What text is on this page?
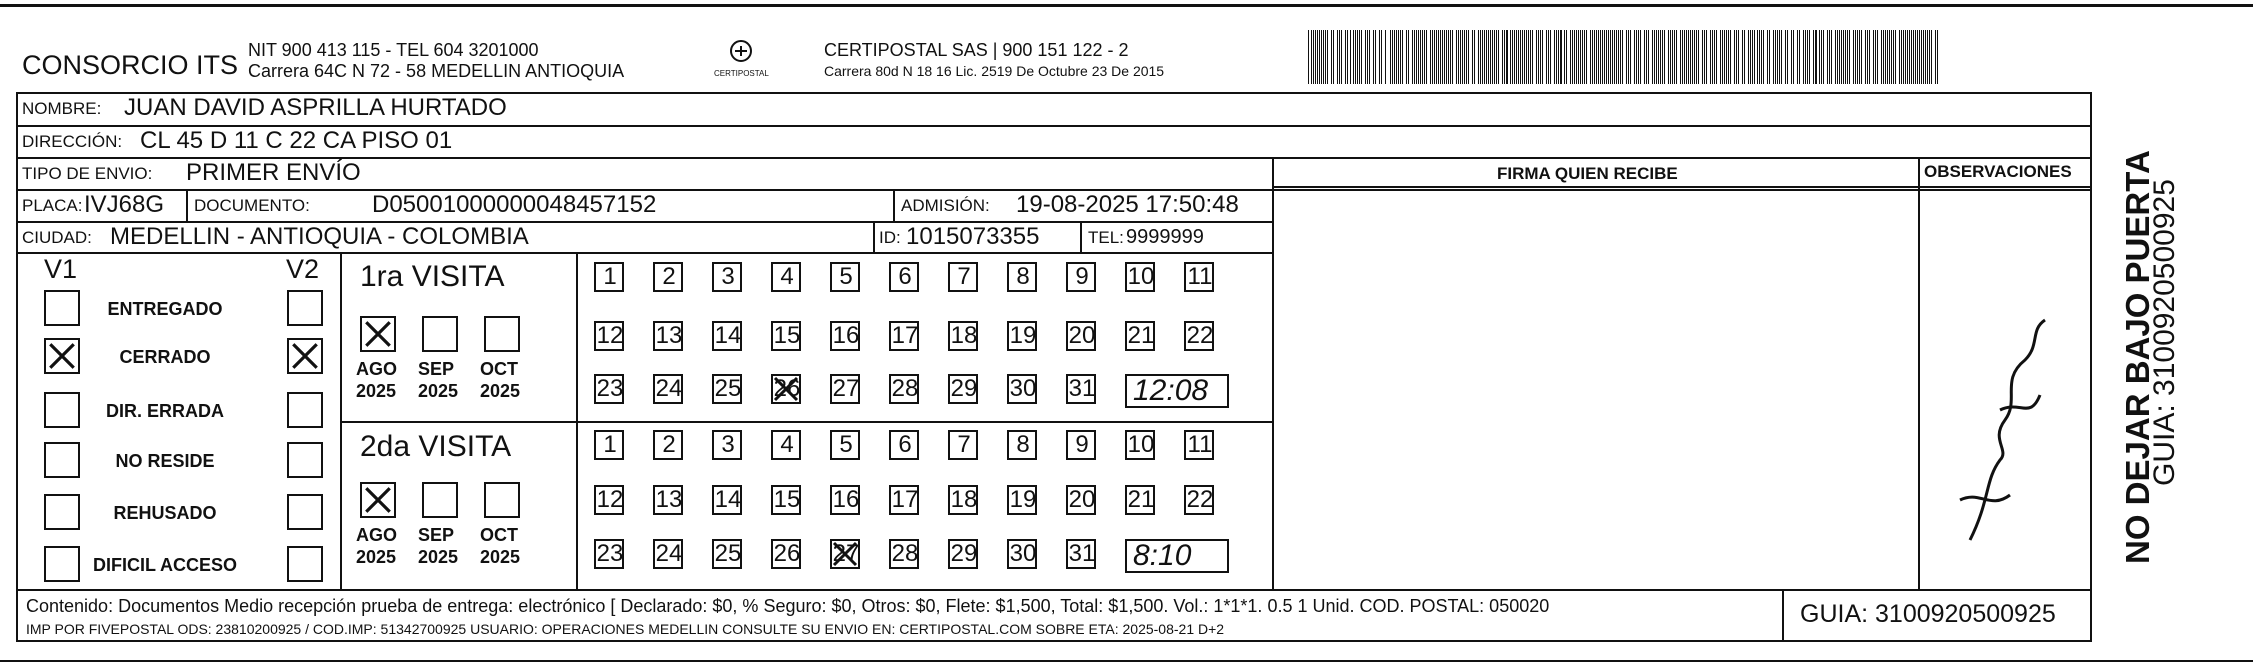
CONSORCIO ITS NIT 900 413 115 - TEL 604 3201000
Carrera 64C N 72 - 58 MEDELLIN ANTIOQUIA	CERTIPOSTAL
CERTIPOSTAL SAS | 900 151 122 - 2
Carrera 80d N 18 16 Lic. 2519 De Octubre 23 De 2015
NOMBRE: JUAN DAVID ASPRILLA HURTADO
DIRECCIÓN: CL 45 D 11 C 22 CA PISO 01
TIPO DE ENVIO: PRIMER ENVÍO
PLACA: IVJ68G DOCUMENTO:	D05001000000048457152	ADMISIÓN: 19-08-2025 17:50:48
CIUDAD: MEDELLIN - ANTIOQUIA - COLOMBIA	ID: 1015073355	TEL: 9999999
FIRMA QUIEN RECIBE	OBSERVACIONES
V1	V2
ENTREGADO
CERRADO
DIR. ERRADA
NO RESIDE
REHUSADO
DIFICIL ACCESO
1ra VISITA
2da VISITA
AGO
2025
SEP
2025
OCT
2025
AGO
2025
SEP
2025
OCT
2025
1	2	3	4	5	6	7	8	9	10	11
12 13 14 15 16 17 18 19 20 21 22
23 24 25 26 27 28 29 30 31 12:08
1	2	3	4	5	6	7	8	9	10	11
12 13 14 15 16 17 18 19 20 21 22
23 24 25 26 27 28 29 30 31 8:10
Contenido: Documentos Medio recepción prueba de entrega: electrónico [ Declarado: $0, % Seguro: $0, Otros: $0, Flete: $1,500, Total: $1,500. Vol.: 1*1*1. 0.5 1 Unid. COD. POSTAL: 050020
IMP POR FIVEPOSTAL ODS: 23810200925 / COD.IMP: 51342700925 USUARIO: OPERACIONES MEDELLIN CONSULTE SU ENVIO EN: CERTIPOSTAL.COM SOBRE ETA: 2025-08-21 D+2
GUIA: 3100920500925
NO DEJAR BAJO PUERTA
GUIA: 3100920500925
